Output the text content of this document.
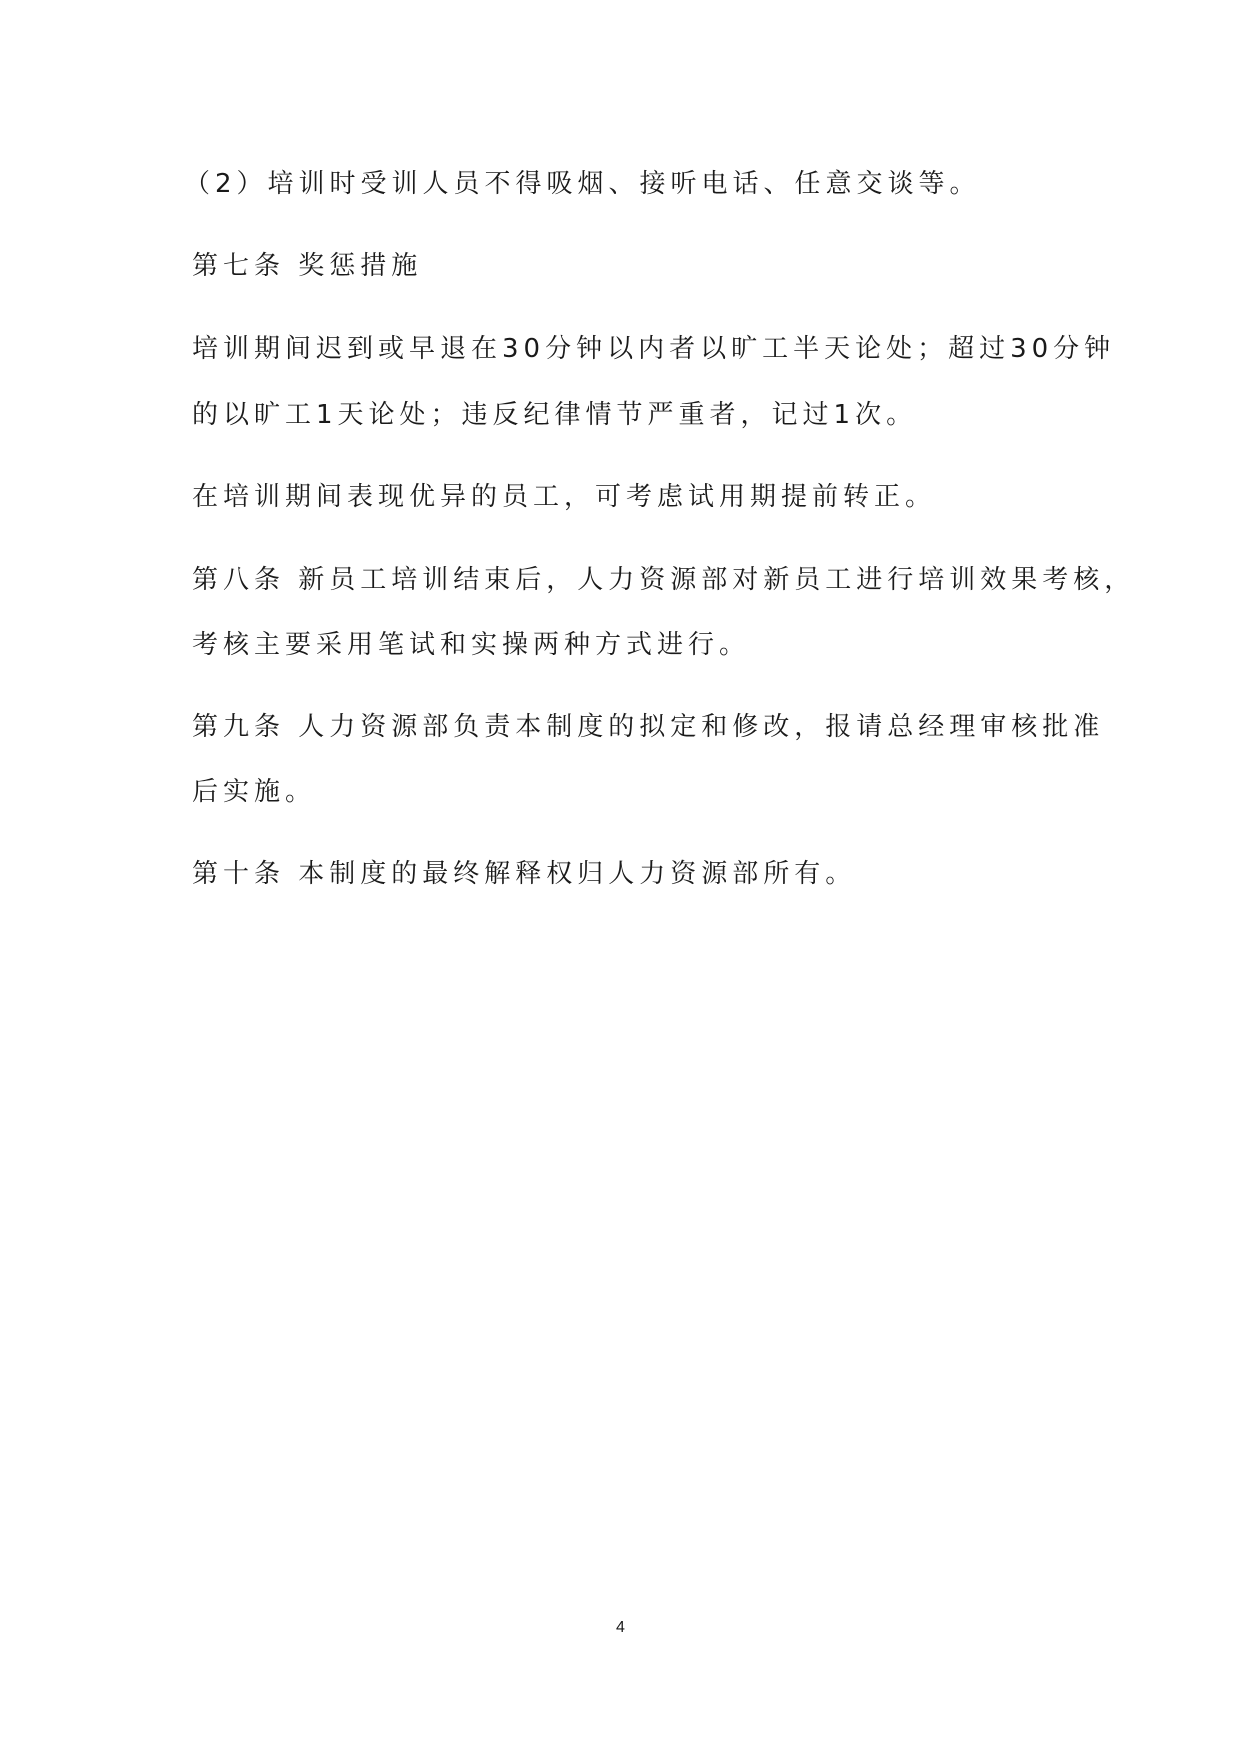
（2）培训时受训人员不得吸烟、接听电话、任意交谈等。
第七条 奖惩措施
培训期间迟到或早退在30分钟以内者以旷工半天论处；超过30分钟
的以旷工1天论处；违反纪律情节严重者，记过1次。
在培训期间表现优异的员工，可考虑试用期提前转正。
第八条 新员工培训结束后，人力资源部对新员工进行培训效果考核，
考核主要采用笔试和实操两种方式进行。
第九条 人力资源部负责本制度的拟定和修改，报请总经理审核批准
后实施。
第十条 本制度的最终解释权归人力资源部所有。
4
